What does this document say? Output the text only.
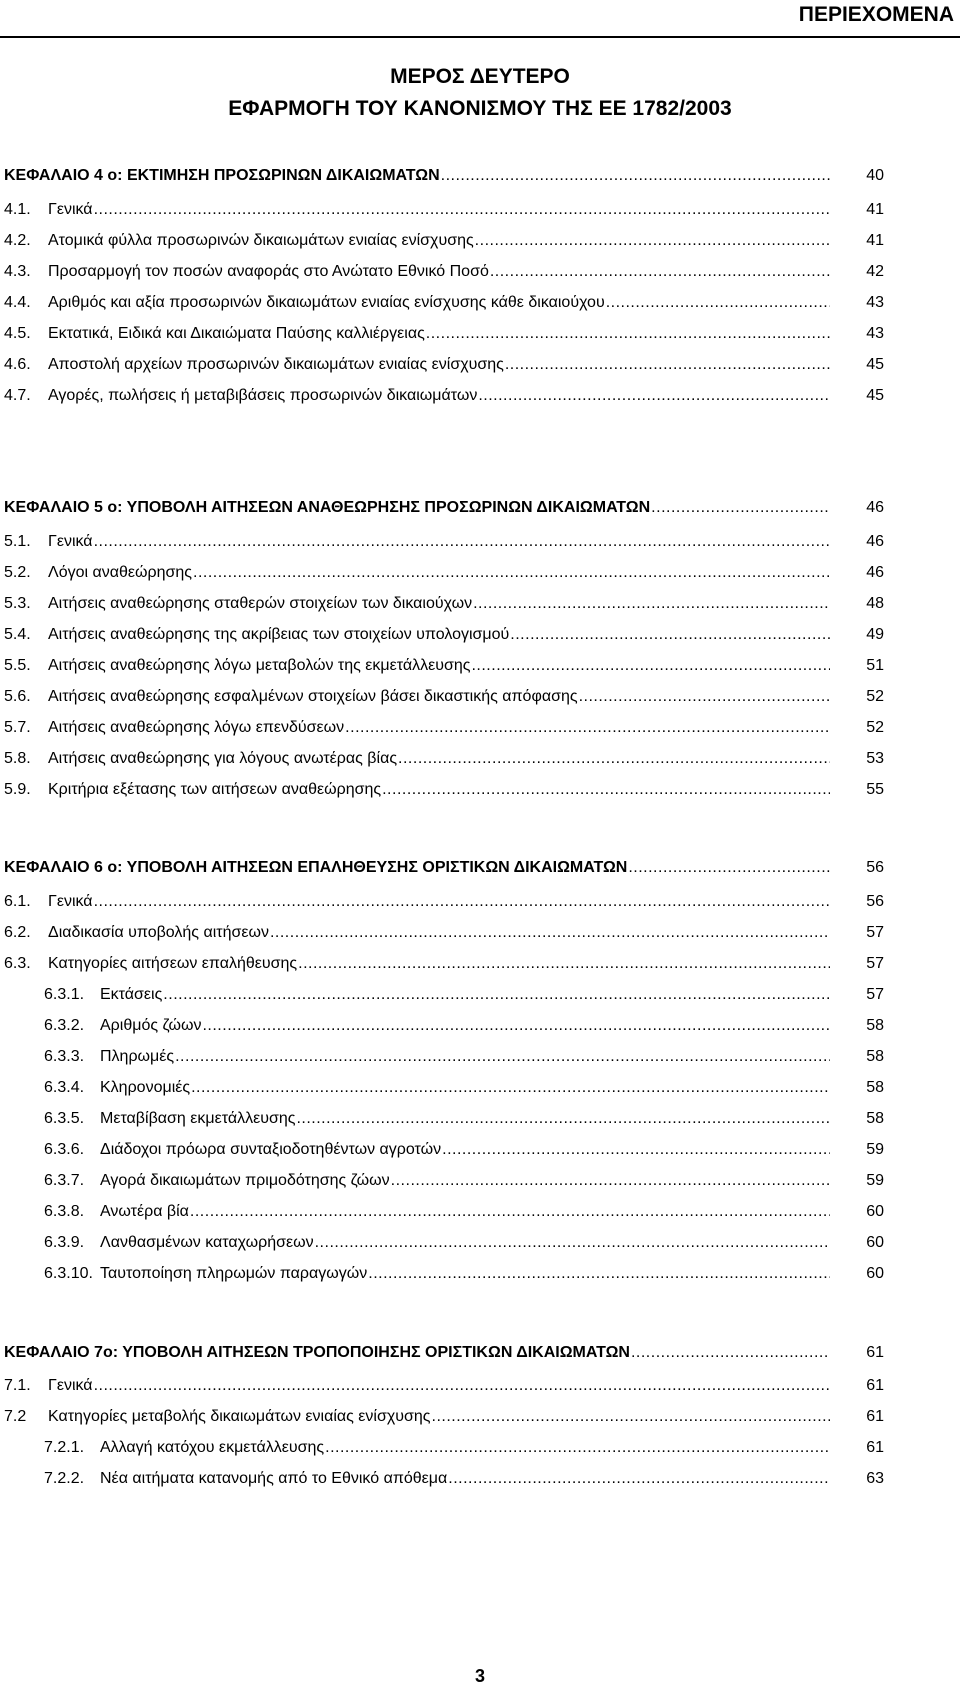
ΠΕΡΙΕΧΟΜΕΝΑ
ΜΕΡΟΣ ΔΕΥΤΕΡΟ
ΕΦΑΡΜΟΓΗ ΤΟΥ ΚΑΝΟΝΙΣΜΟΥ ΤΗΣ ΕΕ 1782/2003
ΚΕΦΑΛΑΙΟ 4 ο: ΕΚΤΙΜΗΣΗ ΠΡΟΣΩΡΙΝΩΝ ΔΙΚΑΙΩΜΑΤΩΝ .....	40
4.1.	Γενικά .....	41
4.2.	Ατομικά φύλλα προσωρινών δικαιωμάτων ενιαίας ενίσχυσης .....	41
4.3.	Προσαρμογή τον ποσών αναφοράς στο Ανώτατο Εθνικό Ποσό .....	42
4.4.	Αριθμός και αξία προσωρινών δικαιωμάτων ενιαίας ενίσχυσης κάθε δικαιούχου .....	43
4.5.	Εκτατικά, Ειδικά και Δικαιώματα Παύσης καλλιέργειας .....	43
4.6.	Αποστολή αρχείων προσωρινών δικαιωμάτων ενιαίας ενίσχυσης .....	45
4.7.	Αγορές, πωλήσεις ή μεταβιβάσεις προσωρινών δικαιωμάτων .....	45
ΚΕΦΑΛΑΙΟ 5 ο: ΥΠΟΒΟΛΗ ΑΙΤΗΣΕΩΝ ΑΝΑΘΕΩΡΗΣΗΣ ΠΡΟΣΩΡΙΝΩΝ ΔΙΚΑΙΩΜΑΤΩΝ .....	46
5.1.	Γενικά .....	46
5.2.	Λόγοι αναθεώρησης .....	46
5.3.	Αιτήσεις αναθεώρησης σταθερών στοιχείων των δικαιούχων .....	48
5.4.	Αιτήσεις αναθεώρησης της ακρίβειας των στοιχείων υπολογισμού .....	49
5.5.	Αιτήσεις αναθεώρησης λόγω μεταβολών της εκμετάλλευσης .....	51
5.6.	Αιτήσεις αναθεώρησης εσφαλμένων στοιχείων βάσει δικαστικής απόφασης .....	52
5.7.	Αιτήσεις αναθεώρησης λόγω επενδύσεων .....	52
5.8.	Αιτήσεις αναθεώρησης για λόγους ανωτέρας βίας .....	53
5.9.	Κριτήρια εξέτασης των αιτήσεων αναθεώρησης .....	55
ΚΕΦΑΛΑΙΟ 6 ο: ΥΠΟΒΟΛΗ ΑΙΤΗΣΕΩΝ ΕΠΑΛΗΘΕΥΣΗΣ ΟΡΙΣΤΙΚΩΝ ΔΙΚΑΙΩΜΑΤΩΝ .....	56
6.1.	Γενικά .....	56
6.2.	Διαδικασία υποβολής αιτήσεων .....	57
6.3.	Κατηγορίες αιτήσεων επαλήθευσης .....	57
6.3.1. Εκτάσεις .....	57
6.3.2. Αριθμός ζώων .....	58
6.3.3. Πληρωμές .....	58
6.3.4. Κληρονομιές .....	58
6.3.5. Μεταβίβαση εκμετάλλευσης .....	58
6.3.6. Διάδοχοι πρόωρα συνταξιοδοτηθέντων αγροτών .....	59
6.3.7. Αγορά δικαιωμάτων πριμοδότησης ζώων .....	59
6.3.8. Ανωτέρα βία .....	60
6.3.9. Λανθασμένων καταχωρήσεων .....	60
6.3.10. Ταυτοποίηση πληρωμών παραγωγών .....	60
ΚΕΦΑΛΑΙΟ 7ο: ΥΠΟΒΟΛΗ ΑΙΤΗΣΕΩΝ ΤΡΟΠΟΠΟΙΗΣΗΣ ΟΡΙΣΤΙΚΩΝ ΔΙΚΑΙΩΜΑΤΩΝ .....	61
7.1.	Γενικά .....	61
7.2	Κατηγορίες μεταβολής δικαιωμάτων ενιαίας ενίσχυσης .....	61
7.2.1. Αλλαγή κατόχου εκμετάλλευσης .....	61
7.2.2. Νέα αιτήματα κατανομής από το Εθνικό απόθεμα .....	63
3
